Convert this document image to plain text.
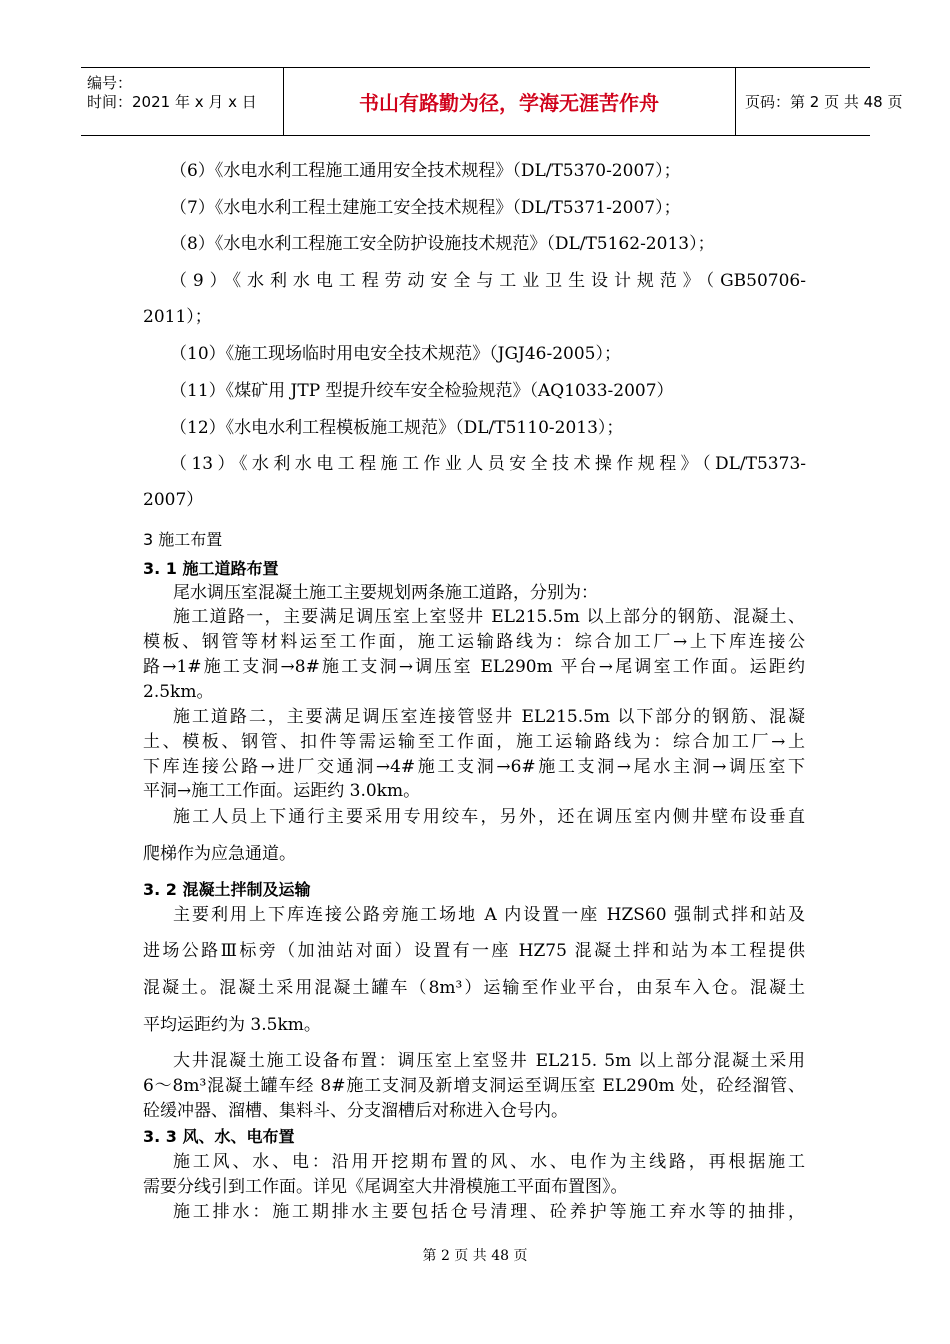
编号：
时间：2021 年 x 月 x 日	书山有路勤为径，学海无涯苦作舟	页码：第 2 页 共 48 页
（6）《水电水利工程施工通用安全技术规程》（DL/T5370-2007）；
（7）《水电水利工程土建施工安全技术规程》（DL/T5371-2007）；
（8）《水电水利工程施工安全防护设施技术规范》（DL/T5162-2013）；
（9）《水利水电工程劳动安全与工业卫生设计规范》（GB50706-
2011）；
（10）《施工现场临时用电安全技术规范》（JGJ46-2005）；
（11）《煤矿用 JTP 型提升绞车安全检验规范》（AQ1033-2007）
（12）《水电水利工程模板施工规范》（DL/T5110-2013）；
（13）《水利水电工程施工作业人员安全技术操作规程》（DL/T5373-
2007）
3 施工布置
3. 1 施工道路布置
尾水调压室混凝土施工主要规划两条施工道路，分别为：
施工道路一，主要满足调压室上室竖井 EL215.5m 以上部分的钢筋、混凝土、
模板、钢管等材料运至工作面，施工运输路线为：综合加工厂→上下库连接公
路→1#施工支洞→8#施工支洞→调压室 EL290m 平台→尾调室工作面。运距约
2.5km。
施工道路二，主要满足调压室连接管竖井 EL215.5m 以下部分的钢筋、混凝
土、模板、钢管、扣件等需运输至工作面，施工运输路线为：综合加工厂→上
下库连接公路→进厂交通洞→4#施工支洞→6#施工支洞→尾水主洞→调压室下
平洞→施工工作面。运距约 3.0km。
施工人员上下通行主要采用专用绞车，另外，还在调压室内侧井壁布设垂直
爬梯作为应急通道。
3. 2 混凝土拌制及运输
主要利用上下库连接公路旁施工场地 A 内设置一座 HZS60 强制式拌和站及
进场公路Ⅲ标旁（加油站对面）设置有一座 HZ75 混凝土拌和站为本工程提供
混凝土。混凝土采用混凝土罐车（8m³）运输至作业平台，由泵车入仓。混凝土
平均运距约为 3.5km。
大井混凝土施工设备布置：调压室上室竖井 EL215. 5m 以上部分混凝土采用
6～8m³混凝土罐车经 8#施工支洞及新增支洞运至调压室 EL290m 处，砼经溜管、
砼缓冲器、溜槽、集料斗、分支溜槽后对称进入仓号内。
3. 3 风、水、电布置
施工风、水、电：沿用开挖期布置的风、水、电作为主线路，再根据施工
需要分线引到工作面。详见《尾调室大井滑模施工平面布置图》。
施工排水：施工期排水主要包括仓号清理、砼养护等施工弃水等的抽排，
第 2 页 共 48 页
